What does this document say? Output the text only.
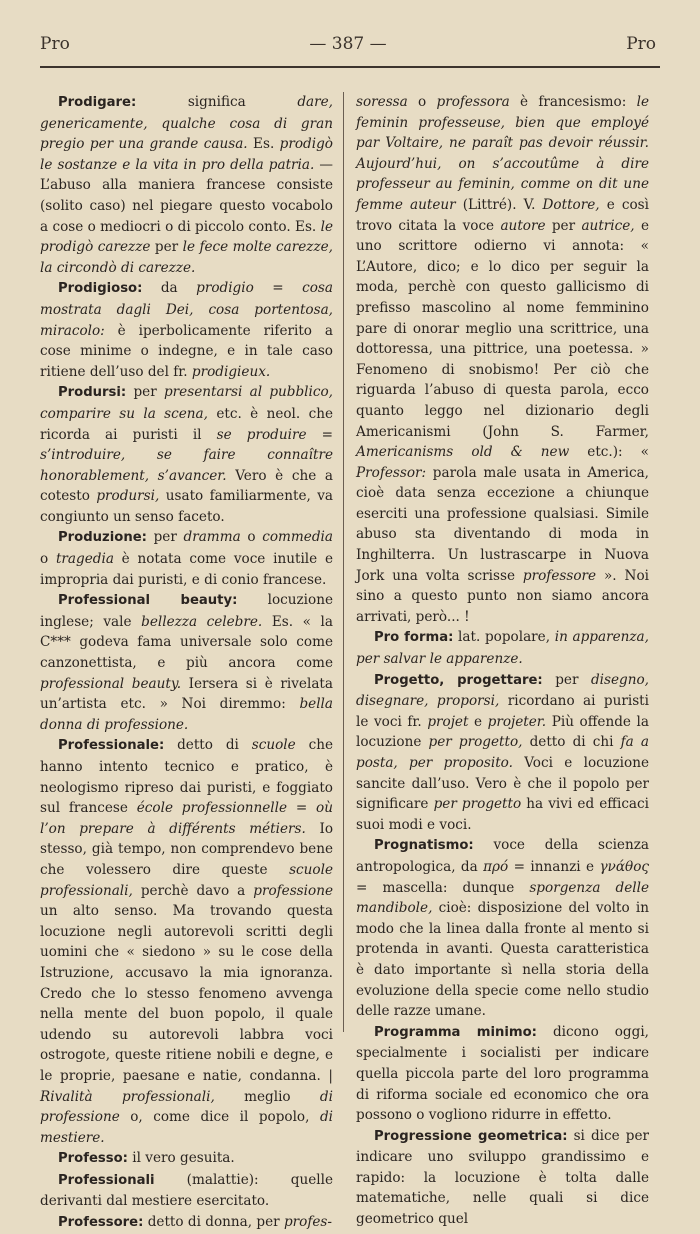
Pro	— 387 —	Pro

Prodigare: significa dare, genericamente, qualche cosa di gran pregio per una grande causa. Es. prodigò le sostanze e la vita in pro della patria. — L’abuso alla maniera francese consiste (solito caso) nel piegare questo vocabolo a cose o mediocri o di piccolo conto. Es. le prodigò carezze per le fece molte carezze, la circondò di carezze.

Prodigioso: da prodigio = cosa mostrata dagli Dei, cosa portentosa, miracolo: è iperbolicamente riferito a cose minime o indegne, e in tale caso ritiene dell’uso del fr. prodigieux.

Prodursi: per presentarsi al pubblico, comparire su la scena, etc. è neol. che ricorda ai puristi il se produire = s’introduire, se faire connaître honorablement, s’avancer. Vero è che a cotesto prodursi, usato familiarmente, va congiunto un senso faceto.

Produzione: per dramma o commedia o tragedia è notata come voce inutile e impropria dai puristi, e di conio francese.

Professional beauty: locuzione inglese; vale bellezza celebre. Es. « la C*** godeva fama universale solo come canzonettista, e più ancora come professional beauty. Iersera si è rivelata un’artista etc. » Noi diremmo: bella donna di professione.

Professionale: detto di scuole che hanno intento tecnico e pratico, è neologismo ripreso dai puristi, e foggiato sul francese école professionnelle = où l’on prepare à différents métiers. Io stesso, già tempo, non comprendevo bene che volessero dire queste scuole professionali, perchè davo a professione un alto senso. Ma trovando questa locuzione negli autorevoli scritti degli uomini che « siedono » su le cose della Istruzione, accusavo la mia ignoranza. Credo che lo stesso fenomeno avvenga nella mente del buon popolo, il quale udendo su autorevoli labbra voci ostrogote, queste ritiene nobili e degne, e le proprie, paesane e natie, condanna. | Rivalità professionali, meglio di professione o, come dice il popolo, di mestiere.

Professo: il vero gesuita.

Professionali (malattie): quelle derivanti dal mestiere esercitato.

Professore: detto di donna, per profes-

soressa o professora è francesismo: le feminin professeuse, bien que employé par Voltaire, ne paraît pas devoir réussir. Aujourd’hui, on s’accoutûme à dire professeur au feminin, comme on dit une femme auteur (Littré). V. Dottore, e così trovo citata la voce autore per autrice, e uno scrittore odierno vi annota: « L’Autore, dico; e lo dico per seguir la moda, perchè con questo gallicismo di prefisso mascolino al nome femminino pare di onorar meglio una scrittrice, una dottoressa, una pittrice, una poetessa. » Fenomeno di snobismo! Per ciò che riguarda l’abuso di questa parola, ecco quanto leggo nel dizionario degli Americanismi (John S. Farmer, Americanisms old & new etc.): « Professor: parola male usata in America, cioè data senza eccezione a chiunque eserciti una professione qualsiasi. Simile abuso sta diventando di moda in Inghilterra. Un lustrascarpe in Nuova Jork una volta scrisse professore ». Noi sino a questo punto non siamo ancora arrivati, però... !

Pro forma: lat. popolare, in apparenza, per salvar le apparenze.

Progetto, progettare: per disegno, disegnare, proporsi, ricordano ai puristi le voci fr. projet e projeter. Più offende la locuzione per progetto, detto di chi fa a posta, per proposito. Voci e locuzione sancite dall’uso. Vero è che il popolo per significare per progetto ha vivi ed efficaci suoi modi e voci.

Prognatismo: voce della scienza antropologica, da πρό = innanzi e γνάθος = mascella: dunque sporgenza delle mandibole, cioè: disposizione del volto in modo che la linea dalla fronte al mento si protenda in avanti. Questa caratteristica è dato importante sì nella storia della evoluzione della specie come nello studio delle razze umane.

Programma minimo: dicono oggi, specialmente i socialisti per indicare quella piccola parte del loro programma di riforma sociale ed economico che ora possono o vogliono ridurre in effetto.

Progressione geometrica: si dice per indicare uno sviluppo grandissimo e rapido: la locuzione è tolta dalle matematiche, nelle quali si dice geometrico quel
